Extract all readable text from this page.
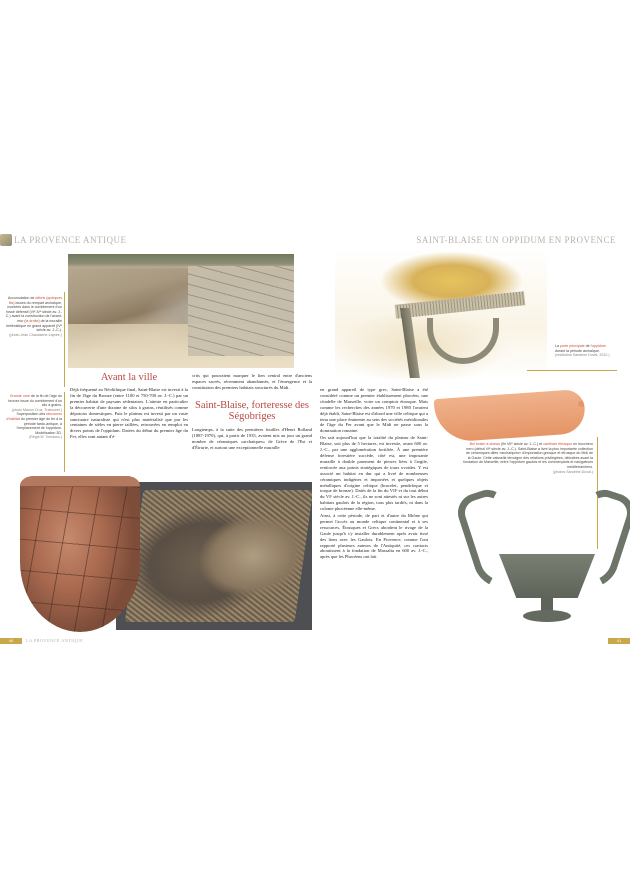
LA PROVENCE ANTIQUE
Accumulation de débris (quelques lits) issues du rempart archaïque, montées dans le comblement d'un fossé défensif (VIᵉ-IVᵉ siècle av. J.-C.) avant la construction de l'avant-mur (la droite) de la muraille hellénistique en grand appareil (IVᵉ siècle av. J.-C.).
(photo Jean Chausserie-Laprée.)
Grande urne de la fin de l'âge du bronze issue du comblement d'un silo à grains.
(photo Manon Cruz, Trabouret.)
Superposition des structures d'habitat du premier âge du fer à la période tardo-antique, à l'emplacement de l'oppidum. Modélisation 3D.
(Régis M. Tomasso.)
Avant la ville

Déjà fréquenté au Néolithique final, Saint-Blaise est investi à la fin de l'âge du Bronze (entre 1100 et 750-700 av. J.-C.) par un premier habitat de paysans sédentaires. L'atteste en particulier la découverte d'une dizaine de silos à grains, réutilisés comme dépotoirs domestiques. Puis le plateau est investi par un vaste sanctuaire naturaliste qui n'est plus matérialisé que par les centaines de stèles en pierre taillées, retrouvées en remploi en divers points de l'oppidum. Datées du début du premier âge du Fer, elles sont autant d'é-

crits qui pourraient marquer le lien central entre d'anciens espaces sacrés, récemment abandonnés, et l'émergence et la constitution des premiers habitats structurés du Midi.

Saint-Blaise, forteresse des Ségobriges

Longtemps, à la suite des premières fouilles d'Henri Rolland (1887-1970), qui, à partir de 1935, avaient mis au jour un grand nombre de céramiques «archaïques» de Grèce de l'Est et d'Étrurie, et surtout une exceptionnelle muraille

40	LA PROVENCE ANTIQUE
SAINT-BLAISE UN OPPIDUM EN PROVENCE
La porte principale de l'oppidum durant la période archaïque.
(restitution Sandrine Duval, 2012.)
Bol ionien à oiseau (fin VIIᵉ siècle av. J.-C.) et canthare étrusque en bucchero nero (début VIᵉ siècle av. J.-C.). Saint-Blaise a livré la plus importante collection de céramiques dites «archaïques» d'importation grecque et étrusque du Midi de la Gaule. Cette vaisselle témoigne des relations privilégiées, débutées avant la fondation de Marseille, entre l'oppidum gaulois et les commerçants et navigateurs méditerranéens.
(photos Sandrine Duval.)

en grand appareil de type grec, Saint-Blaise a été considéré comme un premier établissement phocéen, une citadelle de Marseille, voire un comptoir étrusque. Mais comme les recherches des années 1970 et 1980 l'avaient déjà établi, Saint-Blaise est d'abord une ville celtique qui a tenu une place éminente au sein des sociétés méridionales de l'âge du Fer avant que le Midi ne passe sous la domination romaine.

On sait aujourd'hui que la totalité du plateau de Saint-Blaise, soit plus de 5 hectares, est investie, avant 600 av. J.-C., par une agglomération fortifiée. À une première défense forestière succède, côté est, une imposante muraille à double parement de pierres liées à l'argile, renforcée aux points stratégiques de tours ovoïdes. Y est associé un habitat en dur qui a livré de nombreuses céramiques indigènes et importées et quelques objets métalliques d'origine celtique (bracelet, pendeloque et torque de bronze). Datés de la fin du VIIᵉ et du tout début du VIᵉ siècle av. J.-C., ils ne sont attestés ni sur les autres habitats gaulois de la région, tous plus tardifs, ni dans la colonie phocéenne elle-même.

Ainsi, à cette période, de part et d'autre du Rhône qui permet l'accès au monde celtique continental et à ses ressources, Étrusques et Grecs abordent le rivage de la Gaule jusqu'à s'y installer durablement après avoir tissé des liens avec les Gaulois. En Provence, comme l'ont rapporté plusieurs auteurs de l'Antiquité, ces contacts aboutissent à la fondation de Massalia en 600 av. J.-C., après que les Phocéens ont fait

41
